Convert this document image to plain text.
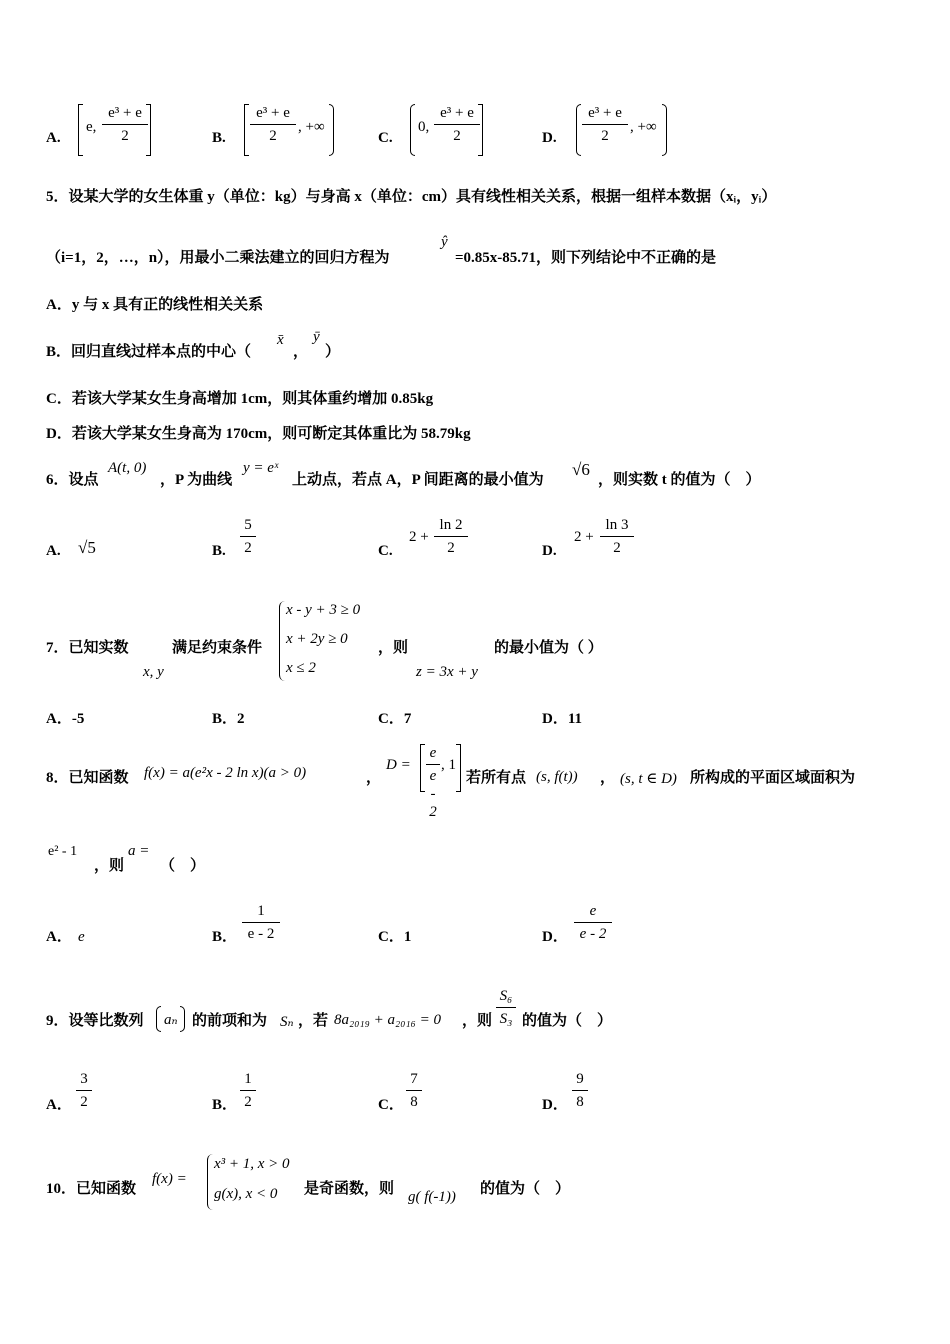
A.
e,
e³ + e
2	B.
e³ + e
2
, +∞
C.
0,
e³ + e
2	D.
e³ + e
2
, +∞
5．设某大学的女生体重 y（单位：kg）与身高 x（单位：cm）具有线性相关关系，根据一组样本数据（xᵢ，yᵢ）
（i=1，2，…，n），用最小二乘法建立的回归方程为
ŷ
=0.85x-85.71，则下列结论中不正确的是
A．y 与 x 具有正的线性相关关系
B．回归直线过样本点的中心（
x̄
，
ȳ
）
C．若该大学某女生身高增加 1cm，则其体重约增加 0.85kg
D．若该大学某女生身高为 170cm，则可断定其体重比为 58.79kg
6．设点
A(t, 0)
，P 为曲线
y = eˣ
上动点，若点 A，P 间距离的最小值为
√6
，则实数 t 的值为（　）
A. √5	B.
5
2	C.
2 +
ln 2
2	D.
2 +
ln 3
2
7．已知实数
x, y
满足约束条件
x - y + 3 ≥ 0
x + 2y ≥ 0
x ≤ 2
，则
z = 3x + y
的最小值为（ ）
A．-5	B．2	C．7	D．11
8．已知函数 f(x) = a(e²x - 2 ln x)(a > 0)	，
D =
e
e - 2
, 1
若所有点 (s, f(t)) ， (s, t ∈ D) 所构成的平面区域面积为
e² - 1
，则
a =
（　）
A． e	B．
1
e - 2	C．1	D．
e
e - 2
9．设等比数列 aₙ 的前项和为 Sₙ ，若 8a₂₀₁₉ + a₂₀₁₆ = 0 ，则
S₆
S₃ 的值为（　）
A．
3
2	B．
1
2	C．
7
8	D．
9
8
10．已知函数
f(x) =
x³ + 1, x > 0
g(x), x < 0 是奇函数，则 g( f(-1)) 的值为（　）
